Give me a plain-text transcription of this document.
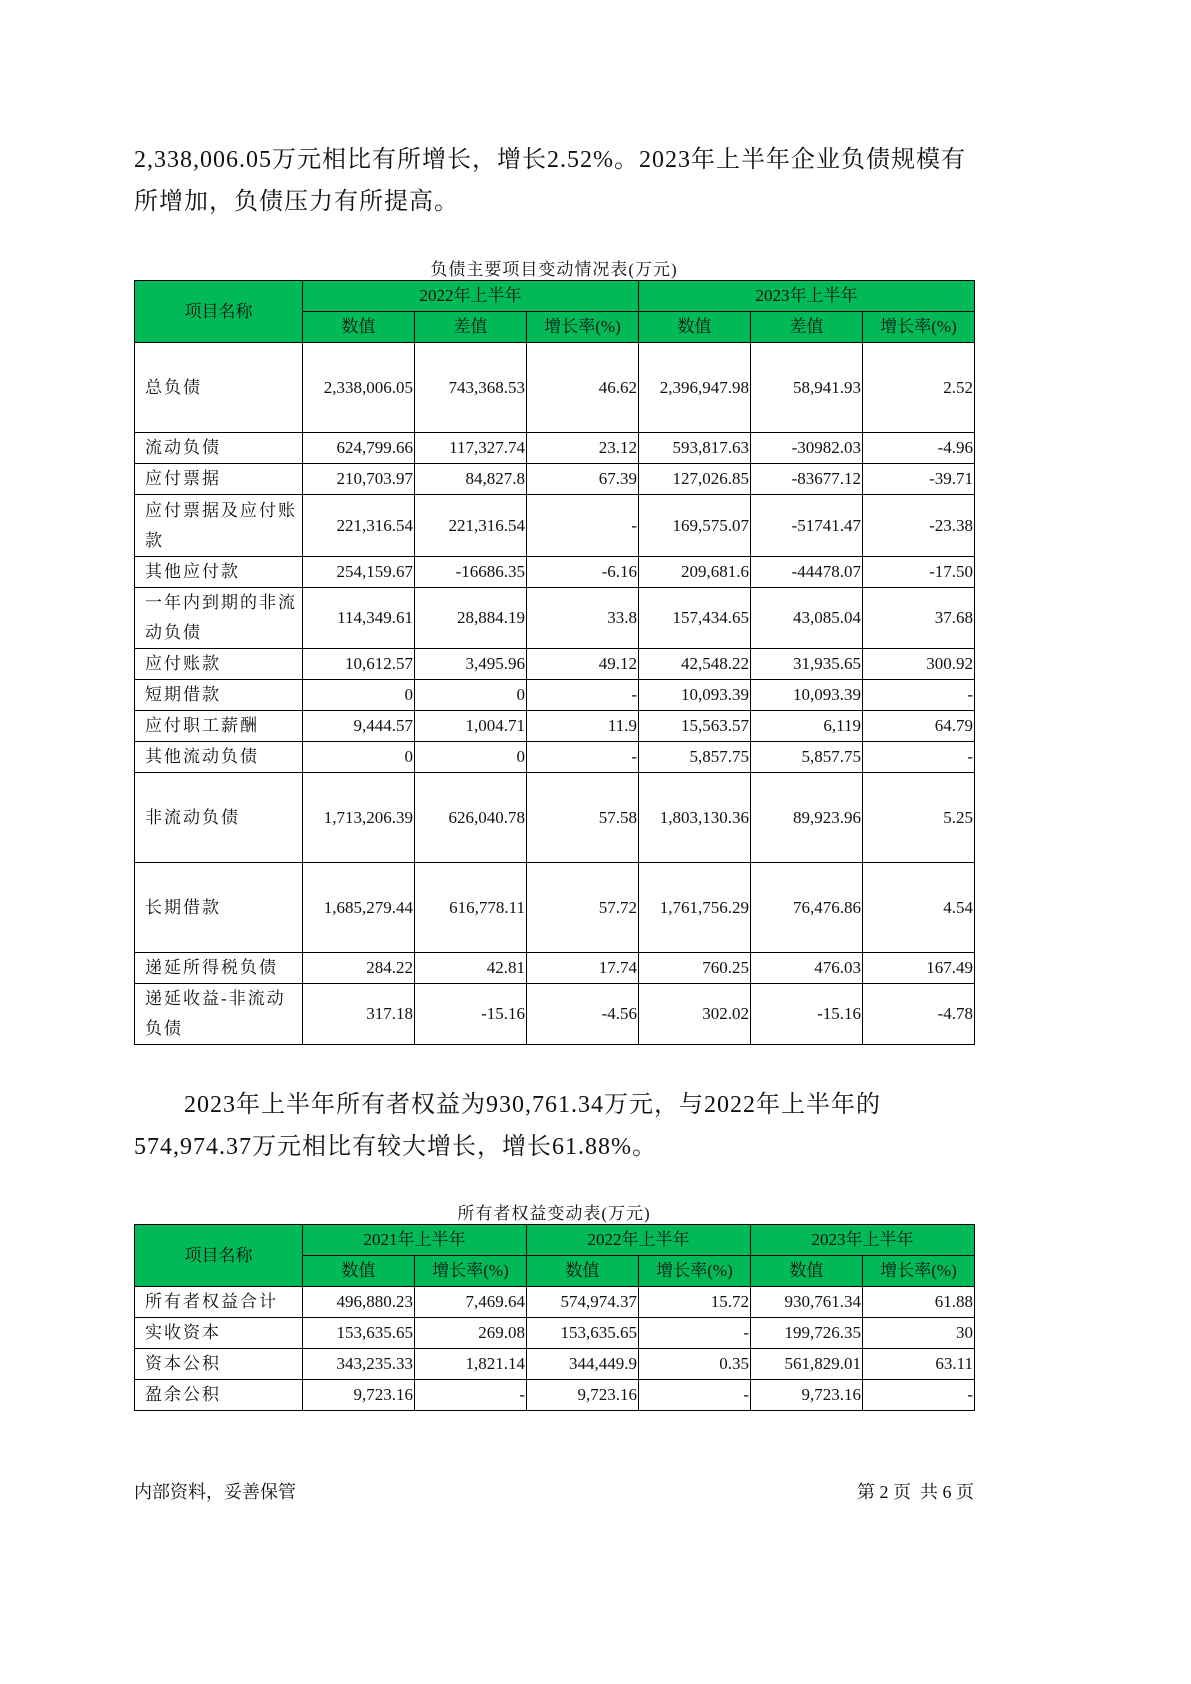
2,338,006.05万元相比有所增长，增长2.52%。2023年上半年企业负债规模有所增加，负债压力有所提高。

负债主要项目变动情况表(万元)
项目名称	2022年上半年			2023年上半年		
	数值	差值	增长率(%)	数值	差值	增长率(%)
总负债	2,338,006.05	743,368.53	46.62	2,396,947.98	58,941.93	2.52
流动负债	624,799.66	117,327.74	23.12	593,817.63	-30982.03	-4.96
应付票据	210,703.97	84,827.8	67.39	127,026.85	-83677.12	-39.71
应付票据及应付账款	221,316.54	221,316.54	-	169,575.07	-51741.47	-23.38
其他应付款	254,159.67	-16686.35	-6.16	209,681.6	-44478.07	-17.50
一年内到期的非流动负债	114,349.61	28,884.19	33.8	157,434.65	43,085.04	37.68
应付账款	10,612.57	3,495.96	49.12	42,548.22	31,935.65	300.92
短期借款	0	0	-	10,093.39	10,093.39	-
应付职工薪酬	9,444.57	1,004.71	11.9	15,563.57	6,119	64.79
其他流动负债	0	0	-	5,857.75	5,857.75	-
非流动负债	1,713,206.39	626,040.78	57.58	1,803,130.36	89,923.96	5.25
长期借款	1,685,279.44	616,778.11	57.72	1,761,756.29	76,476.86	4.54
递延所得税负债	284.22	42.81	17.74	760.25	476.03	167.49
递延收益-非流动负债	317.18	-15.16	-4.56	302.02	-15.16	-4.78

2023年上半年所有者权益为930,761.34万元，与2022年上半年的574,974.37万元相比有较大增长，增长61.88%。

所有者权益变动表(万元)
项目名称	2021年上半年		2022年上半年		2023年上半年	
	数值	增长率(%)	数值	增长率(%)	数值	增长率(%)
所有者权益合计	496,880.23	7,469.64	574,974.37	15.72	930,761.34	61.88
实收资本	153,635.65	269.08	153,635.65	-	199,726.35	30
资本公积	343,235.33	1,821.14	344,449.9	0.35	561,829.01	63.11
盈余公积	9,723.16	-	9,723.16	-	9,723.16	-
内部资料，妥善保管	第 2 页  共 6 页
